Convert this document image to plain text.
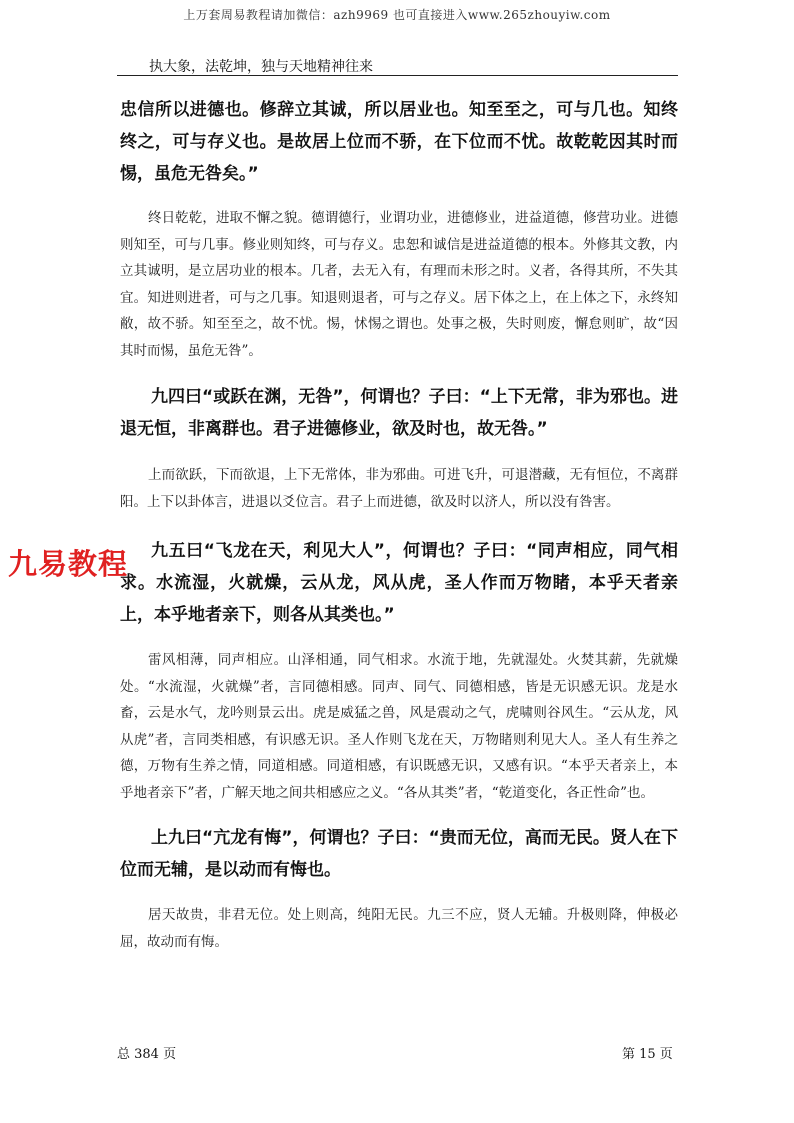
上万套周易教程请加微信：azh9969 也可直接进入www.265zhouyiw.com
执大象，法乾坤，独与天地精神往来

忠信所以进德也。修辞立其诚，所以居业也。知至至之，可与几也。知终终之，可与存义也。是故居上位而不骄，在下位而不忧。故乾乾因其时而惕，虽危无咎矣。”

终日乾乾，进取不懈之貌。德谓德行，业谓功业，进德修业，进益道德，修营功业。进德则知至，可与几事。修业则知终，可与存义。忠恕和诚信是进益道德的根本。外修其文教，内立其诚明，是立居功业的根本。几者，去无入有，有理而未形之时。义者，各得其所，不失其宜。知进则进者，可与之几事。知退则退者，可与之存义。居下体之上，在上体之下，永终知敝，故不骄。知至至之，故不忧。惕，怵惕之谓也。处事之极，失时则废，懈怠则旷，故“因其时而惕，虽危无咎”。

九四曰“或跃在渊，无咎”，何谓也？子曰：“上下无常，非为邪也。进退无恒，非离群也。君子进德修业，欲及时也，故无咎。”

上而欲跃，下而欲退，上下无常体，非为邪曲。可进飞升，可退潜藏，无有恒位，不离群阳。上下以卦体言，进退以爻位言。君子上而进德，欲及时以济人，所以没有咎害。

九五曰“飞龙在天，利见大人”，何谓也？子曰：“同声相应，同气相求。水流湿，火就燥，云从龙，风从虎，圣人作而万物睹，本乎天者亲上，本乎地者亲下，则各从其类也。”

雷风相薄，同声相应。山泽相通，同气相求。水流于地，先就湿处。火焚其薪，先就燥处。“水流湿，火就燥”者，言同德相感。同声、同气、同德相感，皆是无识感无识。龙是水畜，云是水气，龙吟则景云出。虎是威猛之兽，风是震动之气，虎啸则谷风生。“云从龙，风从虎”者，言同类相感，有识感无识。圣人作则飞龙在天，万物睹则利见大人。圣人有生养之德，万物有生养之情，同道相感。同道相感，有识既感无识，又感有识。“本乎天者亲上，本乎地者亲下”者，广解天地之间共相感应之义。“各从其类”者，“乾道变化，各正性命”也。

上九曰“亢龙有悔”，何谓也？子曰：“贵而无位，高而无民。贤人在下位而无辅，是以动而有悔也。

居天故贵，非君无位。处上则高，纯阳无民。九三不应，贤人无辅。升极则降，伸极必屈，故动而有悔。

九易教程
总 384 页	第 15 页
